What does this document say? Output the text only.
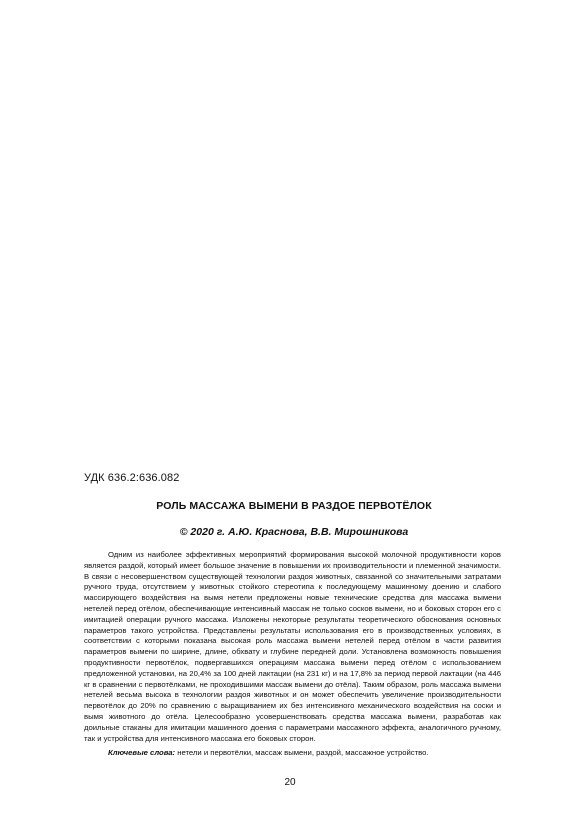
УДК 636.2:636.082
РОЛЬ МАССАЖА ВЫМЕНИ В РАЗДОЕ ПЕРВОТЁЛОК
© 2020 г. А.Ю. Краснова, В.В. Мирошникова

Одним из наиболее эффективных мероприятий формирования высокой молочной продуктивности коров является раздой, который имеет большое значение в повышении их производительности и племенной значимости. В связи с несовершенством существующей технологии раздоя животных, связанной со значительными затратами ручного труда, отсутствием у животных стойкого стереотипа к последующему машинному доению и слабого массирующего воздействия на вымя нетели предложены новые технические средства для массажа вымени нетелей перед отёлом, обеспечивающие интенсивный массаж не только сосков вымени, но и боковых сторон его с имитацией операции ручного массажа. Изложены некоторые результаты теоретического обоснования основных параметров такого устройства. Представлены результаты использования его в производственных условиях, в соответствии с которыми показана высокая роль массажа вымени нетелей перед отёлом в части развития параметров вымени по ширине, длине, обхвату и глубине передней доли. Установлена возможность повышения продуктивности первотёлок, подвергавшихся операциям массажа вымени перед отёлом с использованием предложенной установки, на 20,4% за 100 дней лактации (на 231 кг) и на 17,8% за период первой лактации (на 446 кг в сравнении с первотёлками, не проходившими массаж вымени до отёла). Таким образом, роль массажа вымени нетелей весьма высока в технологии раздоя животных и он может обеспечить увеличение производительности первотёлок до 20% по сравнению с выращиванием их без интенсивного механического воздействия на соски и вымя животного до отёла. Целесообразно усовершенствовать средства массажа вымени, разработав как доильные стаканы для имитации машинного доения с параметрами массажного эффекта, аналогичного ручному, так и устройства для интенсивного массажа его боковых сторон.

Ключевые слова: нетели и первотёлки, массаж вымени, раздой, массажное устройство.

20
